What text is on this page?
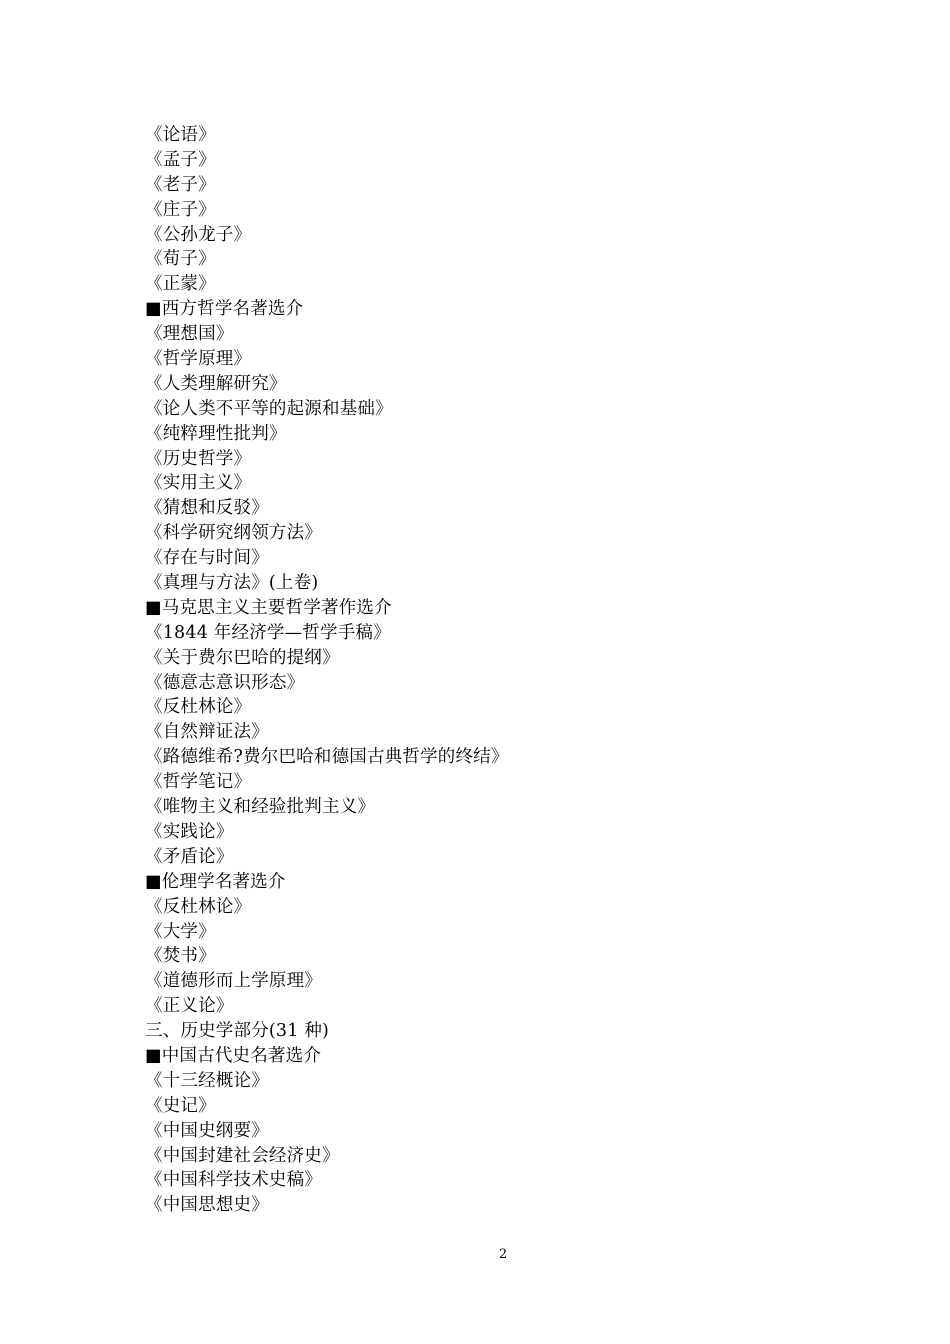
《论语》
《孟子》
《老子》
《庄子》
《公孙龙子》
《荀子》
《正蒙》
■西方哲学名著选介
《理想国》
《哲学原理》
《人类理解研究》
《论人类不平等的起源和基础》
《纯粹理性批判》
《历史哲学》
《实用主义》
《猜想和反驳》
《科学研究纲领方法》
《存在与时间》
《真理与方法》(上卷)
■马克思主义主要哲学著作选介
《1844 年经济学—哲学手稿》
《关于费尔巴哈的提纲》
《德意志意识形态》
《反杜林论》
《自然辩证法》
《路德维希?费尔巴哈和德国古典哲学的终结》
《哲学笔记》
《唯物主义和经验批判主义》
《实践论》
《矛盾论》
■伦理学名著选介
《反杜林论》
《大学》
《焚书》
《道德形而上学原理》
《正义论》
三、历史学部分(31 种)
■中国古代史名著选介
《十三经概论》
《史记》
《中国史纲要》
《中国封建社会经济史》
《中国科学技术史稿》
《中国思想史》
2
